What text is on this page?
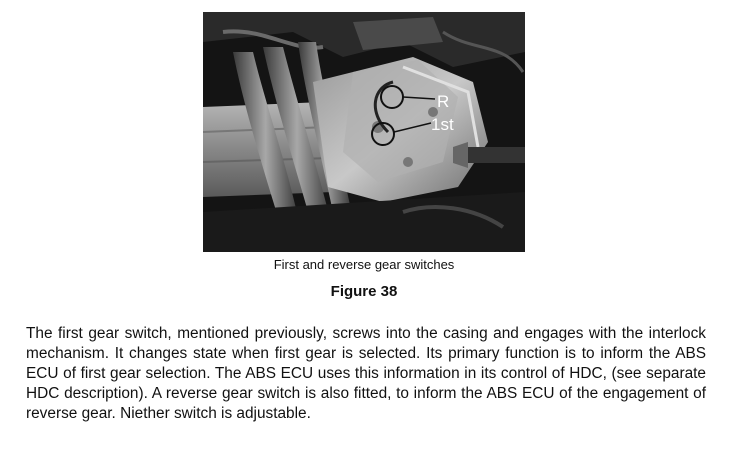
R
1st
First and reverse gear switches
Figure 38

The first gear switch, mentioned previously, screws into the casing and engages with the interlock mechanism. It changes state when first gear is selected. Its primary function is to inform the ABS ECU of first gear selection. The ABS ECU uses this information in its control of HDC, (see separate HDC description). A reverse gear switch is also fitted, to inform the ABS ECU of the engagement of reverse gear. Niether switch is adjustable.
